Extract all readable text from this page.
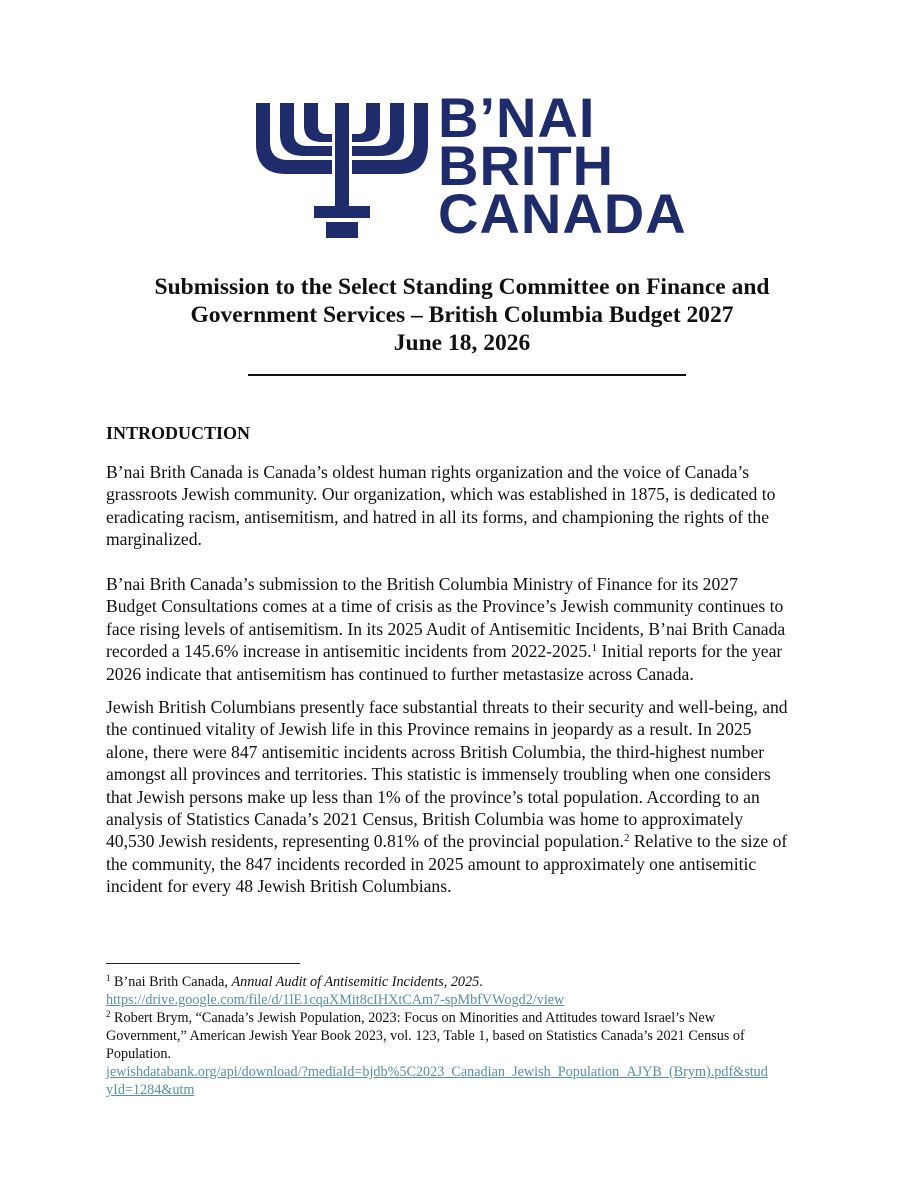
B’NAI
BRITH
CANADA
Submission to the Select Standing Committee on Finance and
Government Services – British Columbia Budget 2027
June 18, 2026
INTRODUCTION
B’nai Brith Canada is Canada’s oldest human rights organization and the voice of Canada’s
grassroots Jewish community. Our organization, which was established in 1875, is dedicated to
eradicating racism, antisemitism, and hatred in all its forms, and championing the rights of the
marginalized.
B’nai Brith Canada’s submission to the British Columbia Ministry of Finance for its 2027
Budget Consultations comes at a time of crisis as the Province’s Jewish community continues to
face rising levels of antisemitism. In its 2025 Audit of Antisemitic Incidents, B’nai Brith Canada
recorded a 145.6% increase in antisemitic incidents from 2022-2025.$^1$ Initial reports for the year
2026 indicate that antisemitism has continued to further metastasize across Canada.
Jewish British Columbians presently face substantial threats to their security and well-being, and
the continued vitality of Jewish life in this Province remains in jeopardy as a result. In 2025
alone, there were 847 antisemitic incidents across British Columbia, the third-highest number
amongst all provinces and territories. This statistic is immensely troubling when one considers
that Jewish persons make up less than 1% of the province’s total population. According to an
analysis of Statistics Canada’s 2021 Census, British Columbia was home to approximately
40,530 Jewish residents, representing 0.81% of the provincial population.$^2$ Relative to the size of
the community, the 847 incidents recorded in 2025 amount to approximately one antisemitic
incident for every 48 Jewish British Columbians.
$^1$ B’nai Brith Canada, Annual Audit of Antisemitic Incidents, 2025.
https://drive.google.com/file/d/1lE1cqaXMit8cIHXtCAm7-spMbfVWogd2/view
$^2$ Robert Brym, “Canada’s Jewish Population, 2023: Focus on Minorities and Attitudes toward Israel’s New
Government,” American Jewish Year Book 2023, vol. 123, Table 1, based on Statistics Canada’s 2021 Census of
Population.
jewishdatabank.org/api/download/?mediaId=bjdb%5C2023_Canadian_Jewish_Population_AJYB_(Brym).pdf&stud
yId=1284&utm
